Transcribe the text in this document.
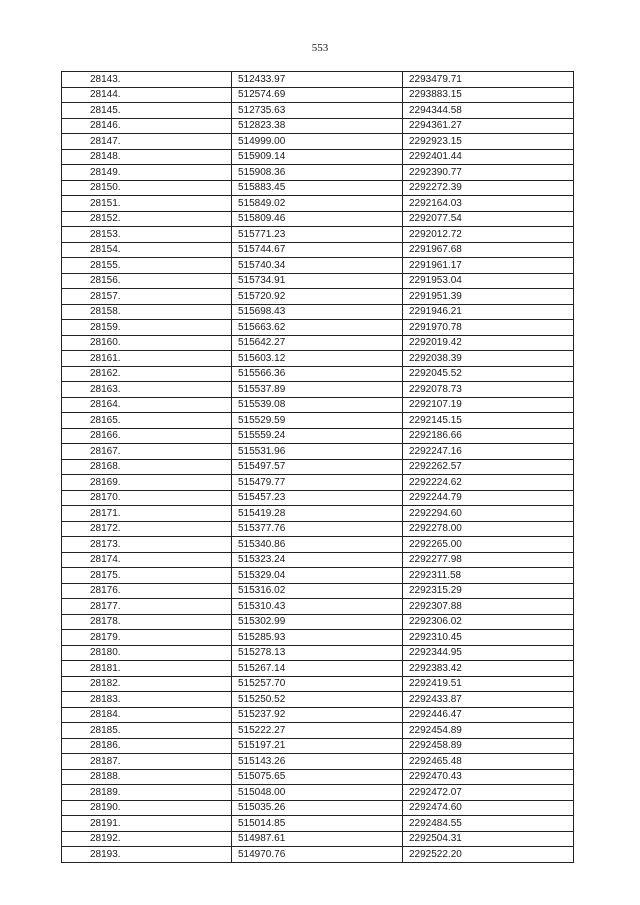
553
28143.	512433.97	2293479.71
28144.	512574.69	2293883.15
28145.	512735.63	2294344.58
28146.	512823.38	2294361.27
28147.	514999.00	2292923.15
28148.	515909.14	2292401.44
28149.	515908.36	2292390.77
28150.	515883.45	2292272.39
28151.	515849.02	2292164.03
28152.	515809.46	2292077.54
28153.	515771.23	2292012.72
28154.	515744.67	2291967.68
28155.	515740.34	2291961.17
28156.	515734.91	2291953.04
28157.	515720.92	2291951.39
28158.	515698.43	2291946.21
28159.	515663.62	2291970.78
28160.	515642.27	2292019.42
28161.	515603.12	2292038.39
28162.	515566.36	2292045.52
28163.	515537.89	2292078.73
28164.	515539.08	2292107.19
28165.	515529.59	2292145.15
28166.	515559.24	2292186.66
28167.	515531.96	2292247.16
28168.	515497.57	2292262.57
28169.	515479.77	2292224.62
28170.	515457.23	2292244.79
28171.	515419.28	2292294.60
28172.	515377.76	2292278.00
28173.	515340.86	2292265.00
28174.	515323.24	2292277.98
28175.	515329.04	2292311.58
28176.	515316.02	2292315.29
28177.	515310.43	2292307.88
28178.	515302.99	2292306.02
28179.	515285.93	2292310.45
28180.	515278.13	2292344.95
28181.	515267.14	2292383.42
28182.	515257.70	2292419.51
28183.	515250.52	2292433.87
28184.	515237.92	2292446.47
28185.	515222.27	2292454.89
28186.	515197.21	2292458.89
28187.	515143.26	2292465.48
28188.	515075.65	2292470.43
28189.	515048.00	2292472.07
28190.	515035.26	2292474.60
28191.	515014.85	2292484.55
28192.	514987.61	2292504.31
28193.	514970.76	2292522.20
